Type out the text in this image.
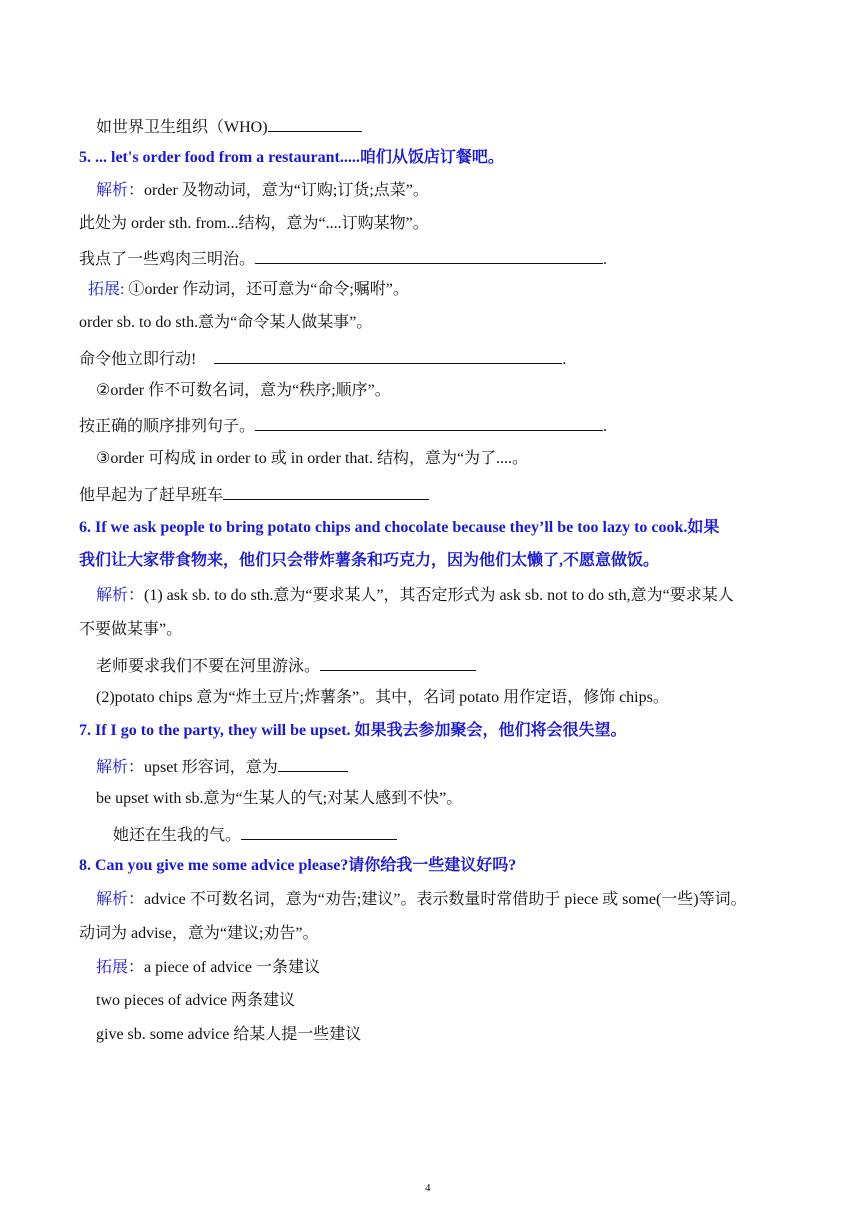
如世界卫生组织（WHO)
5. ... let's order food from a restaurant.....咱们从饭店订餐吧。
解析：order 及物动词，意为“订购;订货;点菜”。
此处为 order sth. from...结构，意为“....订购某物”。
我点了一些鸡肉三明治。	.
拓展: ①order 作动词，还可意为“命令;嘱咐”。
order sb. to do sth.意为“命令某人做某事”。
命令他立即行动!	.
②order 作不可数名词，意为“秩序;顺序”。
按正确的顺序排列句子。	.
③order 可构成 in order to 或 in order that. 结构，意为“为了....。
他早起为了赶早班车
6. If we ask people to bring potato chips and chocolate because they’ll be too lazy to cook.如果
我们让大家带食物来，他们只会带炸薯条和巧克力，因为他们太懒了,不愿意做饭。
解析：(1) ask sb. to do sth.意为“要求某人”，其否定形式为 ask sb. not to do sth,意为“要求某人
不要做某事”。
老师要求我们不要在河里游泳。
(2)potato chips 意为“炸土豆片;炸薯条”。其中，名词 potato 用作定语，修饰 chips。
7. If I go to the party, they will be upset. 如果我去参加聚会，他们将会很失望。
解析：upset 形容词，意为
be upset with sb.意为“生某人的气;对某人感到不快”。
她还在生我的气。
8. Can you give me some advice please?请你给我一些建议好吗?
解析：advice 不可数名词，意为“劝告;建议”。表示数量时常借助于 piece 或 some(一些)等词。
动词为 advise，意为“建议;劝告”。
拓展：a piece of advice 一条建议
two pieces of advice 两条建议
give sb. some advice 给某人提一些建议
4
